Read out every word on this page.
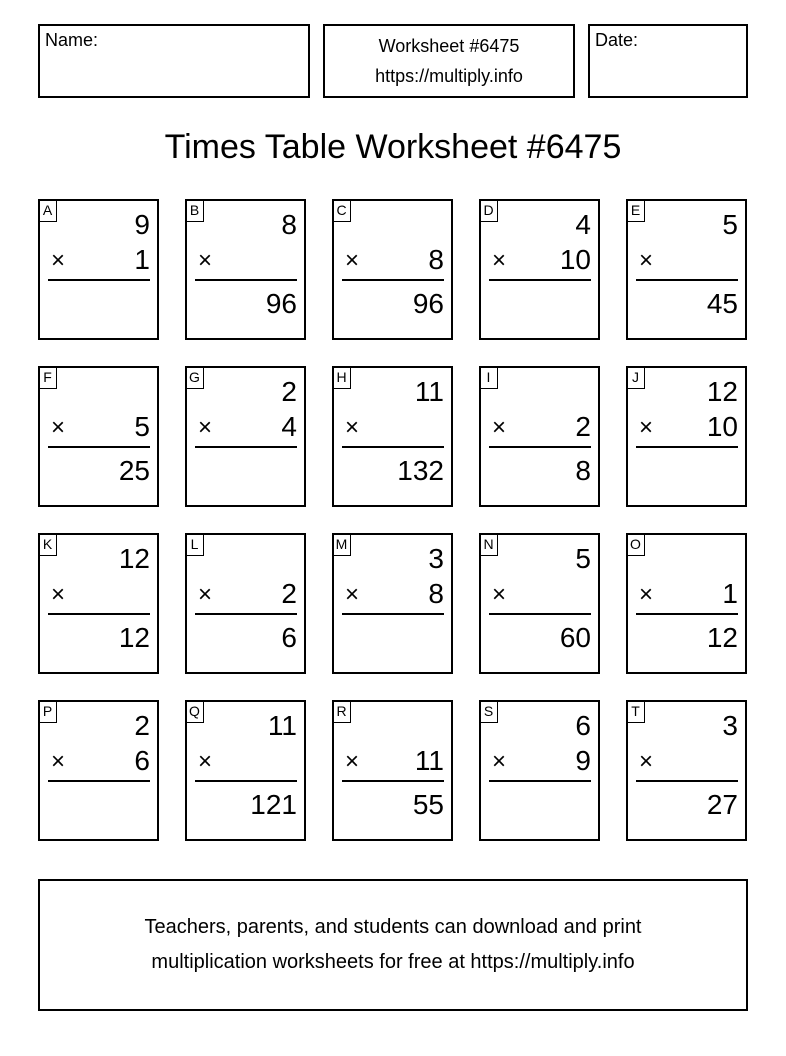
Name:	Worksheet #6475
https://multiply.info
Date:
Times Table Worksheet #6475
A	9
× 1
B	8
×
96
C
× 8
96
D	4
× 10
E	5
×
45
F
× 5
25
G	2
× 4
H 11
×
132
I
× 2
8
J 12
× 10
K 12
×
12
L
× 2
6
M	3
× 8
N	5
×
60
O
× 1
12
P	2
× 6
Q 11
×
121
R
× 11
55
S	6
× 9
T	3
×
27
Teachers, parents, and students can download and print
multiplication worksheets for free at https://multiply.info
